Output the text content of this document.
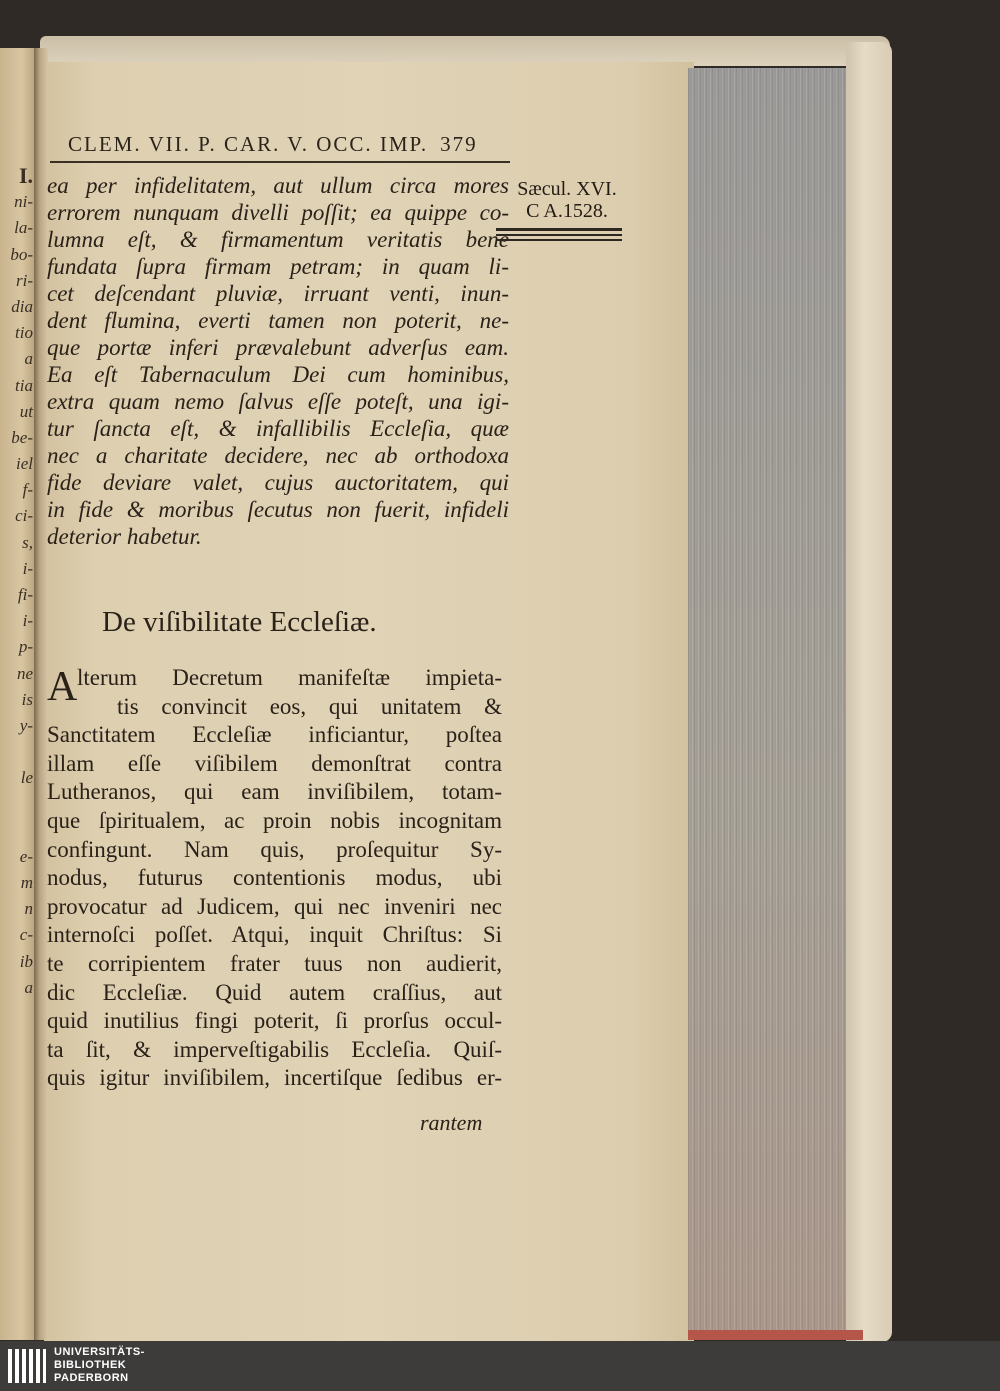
I.
ni-
la-
bo-
ri-
dia
tio
a
tia
ut
be-
iel
f-
ci-
s,
i-
fi-
i-
p-
ne
is
y-
le
e-
m
n
c-
ib
a
CLEM. VII. P. CAR. V. OCC. IMP. 379
Sæcul. XVI.
C A.1528.
ea per infidelitatem, aut ullum circa mores
errorem nunquam divelli poſſit; ea quippe co-
lumna eſt, & firmamentum veritatis bene
fundata ſupra firmam petram; in quam li-
cet deſcendant pluviæ, irruant venti, inun-
dent flumina, everti tamen non poterit, ne-
que portæ inferi prævalebunt adverſus eam.
Ea eſt Tabernaculum Dei cum hominibus,
extra quam nemo ſalvus eſſe poteſt, una igi-
tur ſancta eſt, & infallibilis Eccleſia, quæ
nec a charitate decidere, nec ab orthodoxa
fide deviare valet, cujus auctoritatem, qui
in fide & moribus ſecutus non fuerit, infideli
deterior habetur.
De viſibilitate Eccleſiæ.
A lterum Decretum manifeſtæ impieta-
tis convincit eos, qui unitatem &
Sanctitatem Eccleſiæ inficiantur, poſtea
illam eſſe viſibilem demonſtrat contra
Lutheranos, qui eam inviſibilem, totam-
que ſpiritualem, ac proin nobis incognitam
confingunt. Nam quis, proſequitur Sy-
nodus, futurus contentionis modus, ubi
provocatur ad Judicem, qui nec inveniri nec
internoſci poſſet. Atqui, inquit Chriſtus: Si
te corripientem frater tuus non audierit,
dic Eccleſiæ. Quid autem craſſius, aut
quid inutilius fingi poterit, ſi prorſus occul-
ta ſit, & imperveſtigabilis Eccleſia. Quiſ-
quis igitur inviſibilem, incertiſque ſedibus er-
rantem
UNIVERSITÄTS-
BIBLIOTHEK
PADERBORN
